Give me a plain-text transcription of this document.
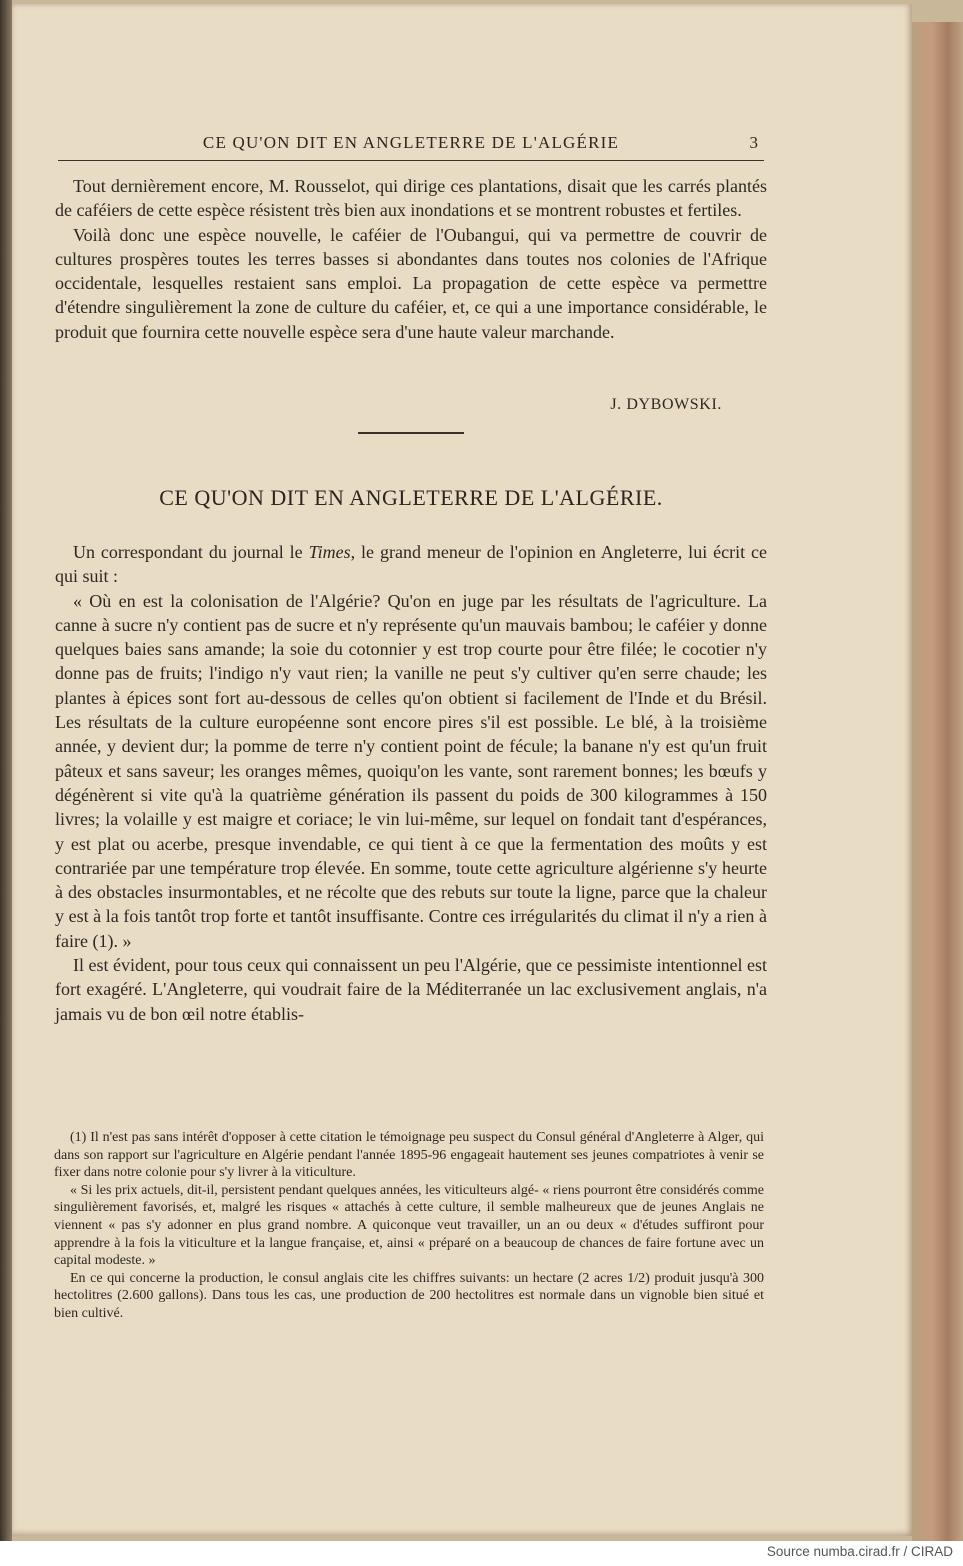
CE QU'ON DIT EN ANGLETERRE DE L'ALGÉRIE	3

Tout dernièrement encore, M. Rousselot, qui dirige ces plantations, disait que les carrés plantés de caféiers de cette espèce résistent très bien aux inondations et se montrent robustes et fertiles.

Voilà donc une espèce nouvelle, le caféier de l'Oubangui, qui va permettre de couvrir de cultures prospères toutes les terres basses si abondantes dans toutes nos colonies de l'Afrique occidentale, lesquelles restaient sans emploi. La propagation de cette espèce va permettre d'étendre singulièrement la zone de culture du caféier, et, ce qui a une importance considérable, le produit que fournira cette nouvelle espèce sera d'une haute valeur marchande.

J. DYBOWSKI.
CE QU'ON DIT EN ANGLETERRE DE L'ALGÉRIE.

Un correspondant du journal le Times, le grand meneur de l'opinion en Angleterre, lui écrit ce qui suit :

« Où en est la colonisation de l'Algérie? Qu'on en juge par les résultats de l'agriculture. La canne à sucre n'y contient pas de sucre et n'y représente qu'un mauvais bambou; le caféier y donne quelques baies sans amande; la soie du cotonnier y est trop courte pour être filée; le cocotier n'y donne pas de fruits; l'indigo n'y vaut rien; la vanille ne peut s'y cultiver qu'en serre chaude; les plantes à épices sont fort au-dessous de celles qu'on obtient si facilement de l'Inde et du Brésil. Les résultats de la culture européenne sont encore pires s'il est possible. Le blé, à la troisième année, y devient dur; la pomme de terre n'y contient point de fécule; la banane n'y est qu'un fruit pâteux et sans saveur; les oranges mêmes, quoiqu'on les vante, sont rarement bonnes; les bœufs y dégénèrent si vite qu'à la quatrième génération ils passent du poids de 300 kilogrammes à 150 livres; la volaille y est maigre et coriace; le vin lui-même, sur lequel on fondait tant d'espérances, y est plat ou acerbe, presque invendable, ce qui tient à ce que la fermentation des moûts y est contrariée par une température trop élevée. En somme, toute cette agriculture algérienne s'y heurte à des obstacles insurmontables, et ne récolte que des rebuts sur toute la ligne, parce que la chaleur y est à la fois tantôt trop forte et tantôt insuffisante. Contre ces irrégularités du climat il n'y a rien à faire (1). »

Il est évident, pour tous ceux qui connaissent un peu l'Algérie, que ce pessimiste intentionnel est fort exagéré. L'Angleterre, qui voudrait faire de la Méditerranée un lac exclusivement anglais, n'a jamais vu de bon œil notre établis-

(1) Il n'est pas sans intérêt d'opposer à cette citation le témoignage peu suspect du Consul général d'Angleterre à Alger, qui dans son rapport sur l'agriculture en Algérie pendant l'année 1895-96 engageait hautement ses jeunes compatriotes à venir se fixer dans notre colonie pour s'y livrer à la viticulture.

« Si les prix actuels, dit-il, persistent pendant quelques années, les viticulteurs algé- « riens pourront être considérés comme singulièrement favorisés, et, malgré les risques « attachés à cette culture, il semble malheureux que de jeunes Anglais ne viennent « pas s'y adonner en plus grand nombre. A quiconque veut travailler, un an ou deux « d'études suffiront pour apprendre à la fois la viticulture et la langue française, et, ainsi « préparé on a beaucoup de chances de faire fortune avec un capital modeste. »

En ce qui concerne la production, le consul anglais cite les chiffres suivants: un hectare (2 acres 1/2) produit jusqu'à 300 hectolitres (2.600 gallons). Dans tous les cas, une production de 200 hectolitres est normale dans un vignoble bien situé et bien cultivé.

Source numba.cirad.fr / CIRAD
